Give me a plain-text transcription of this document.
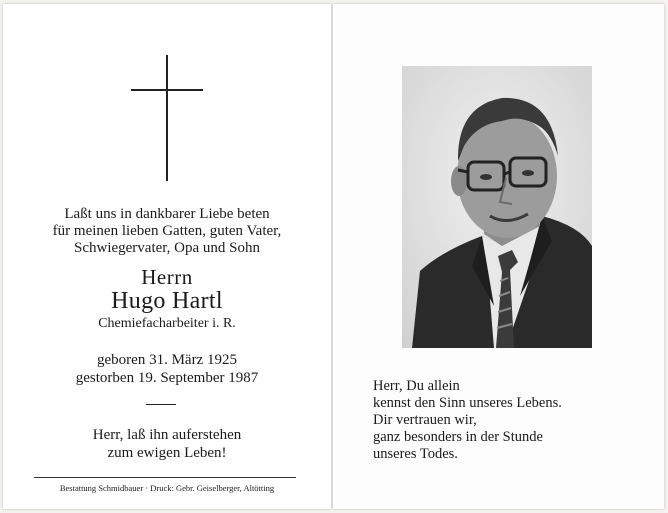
Laßt uns in dankbarer Liebe beten
für meinen lieben Gatten, guten Vater,
Schwiegervater, Opa und Sohn
Herrn
Hugo Hartl
Chemiefacharbeiter i. R.
geboren 31. März 1925
gestorben 19. September 1987
Herr, laß ihn auferstehen
zum ewigen Leben!
Bestattung Schmidbauer · Druck: Gebr. Geiselberger, Altötting
Herr, Du allein
kennst den Sinn unseres Lebens.
Dir vertrauen wir,
ganz besonders in der Stunde
unseres Todes.
